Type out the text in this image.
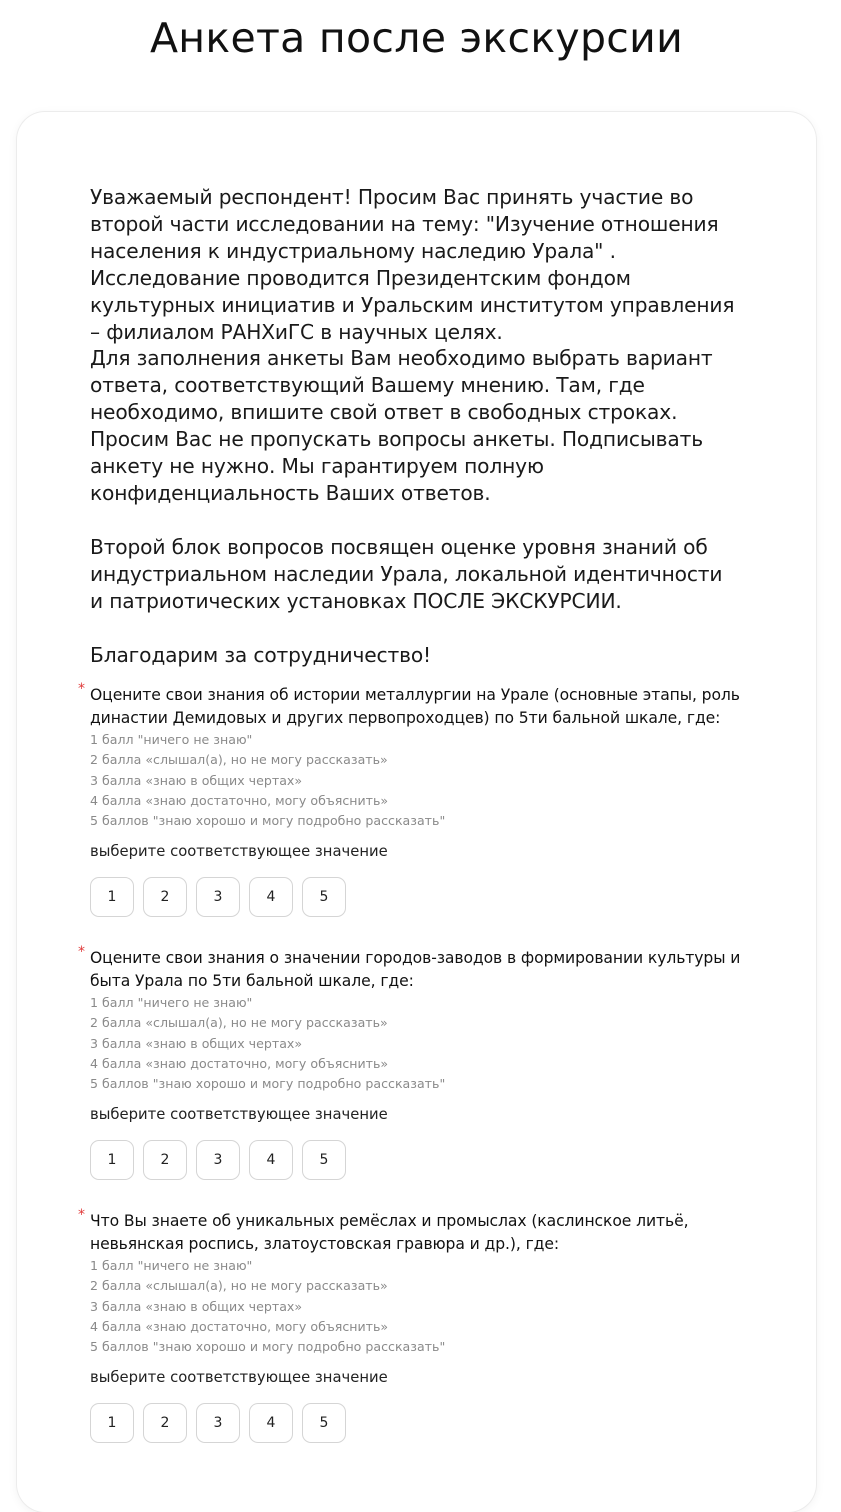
Анкета после экскурсии

Уважаемый респондент! Просим Вас принять участие во
второй части исследовании на тему: "Изучение отношения
населения к индустриальному наследию Урала" .
Исследование проводится Президентским фондом
культурных инициатив и Уральским институтом управления
– филиалом РАНХиГС в научных целях.
Для заполнения анкеты Вам необходимо выбрать вариант
ответа, соответствующий Вашему мнению. Там, где
необходимо, впишите свой ответ в свободных строках.
Просим Вас не пропускать вопросы анкеты. Подписывать
анкету не нужно. Мы гарантируем полную
конфиденциальность Ваших ответов.

Второй блок вопросов посвящен оценке уровня знаний об
индустриальном наследии Урала, локальной идентичности
и патриотических установках ПОСЛЕ ЭКСКУРСИИ.

Благодарим за сотрудничество!

* Оцените свои знания об истории металлургии на Урале (основные этапы, роль
династии Демидовых и других первопроходцев) по 5ти бальной шкале, где:
1 балл "ничего не знаю"
2 балла «слышал(а), но не могу рассказать»
3 балла «знаю в общих чертах»
4 балла «знаю достаточно, могу объяснить»
5 баллов "знаю хорошо и могу подробно рассказать"
выберите соответствующее значение
1	2	3	4	5
* Оцените свои знания о значении городов-заводов в формировании культуры и
быта Урала по 5ти бальной шкале, где:
1 балл "ничего не знаю"
2 балла «слышал(а), но не могу рассказать»
3 балла «знаю в общих чертах»
4 балла «знаю достаточно, могу объяснить»
5 баллов "знаю хорошо и могу подробно рассказать"
выберите соответствующее значение
1	2	3	4	5
* Что Вы знаете об уникальных ремёслах и промыслах (каслинское литьё,
невьянская роспись, златоустовская гравюра и др.), где:
1 балл "ничего не знаю"
2 балла «слышал(а), но не могу рассказать»
3 балла «знаю в общих чертах»
4 балла «знаю достаточно, могу объяснить»
5 баллов "знаю хорошо и могу подробно рассказать"
выберите соответствующее значение
1	2	3	4	5
